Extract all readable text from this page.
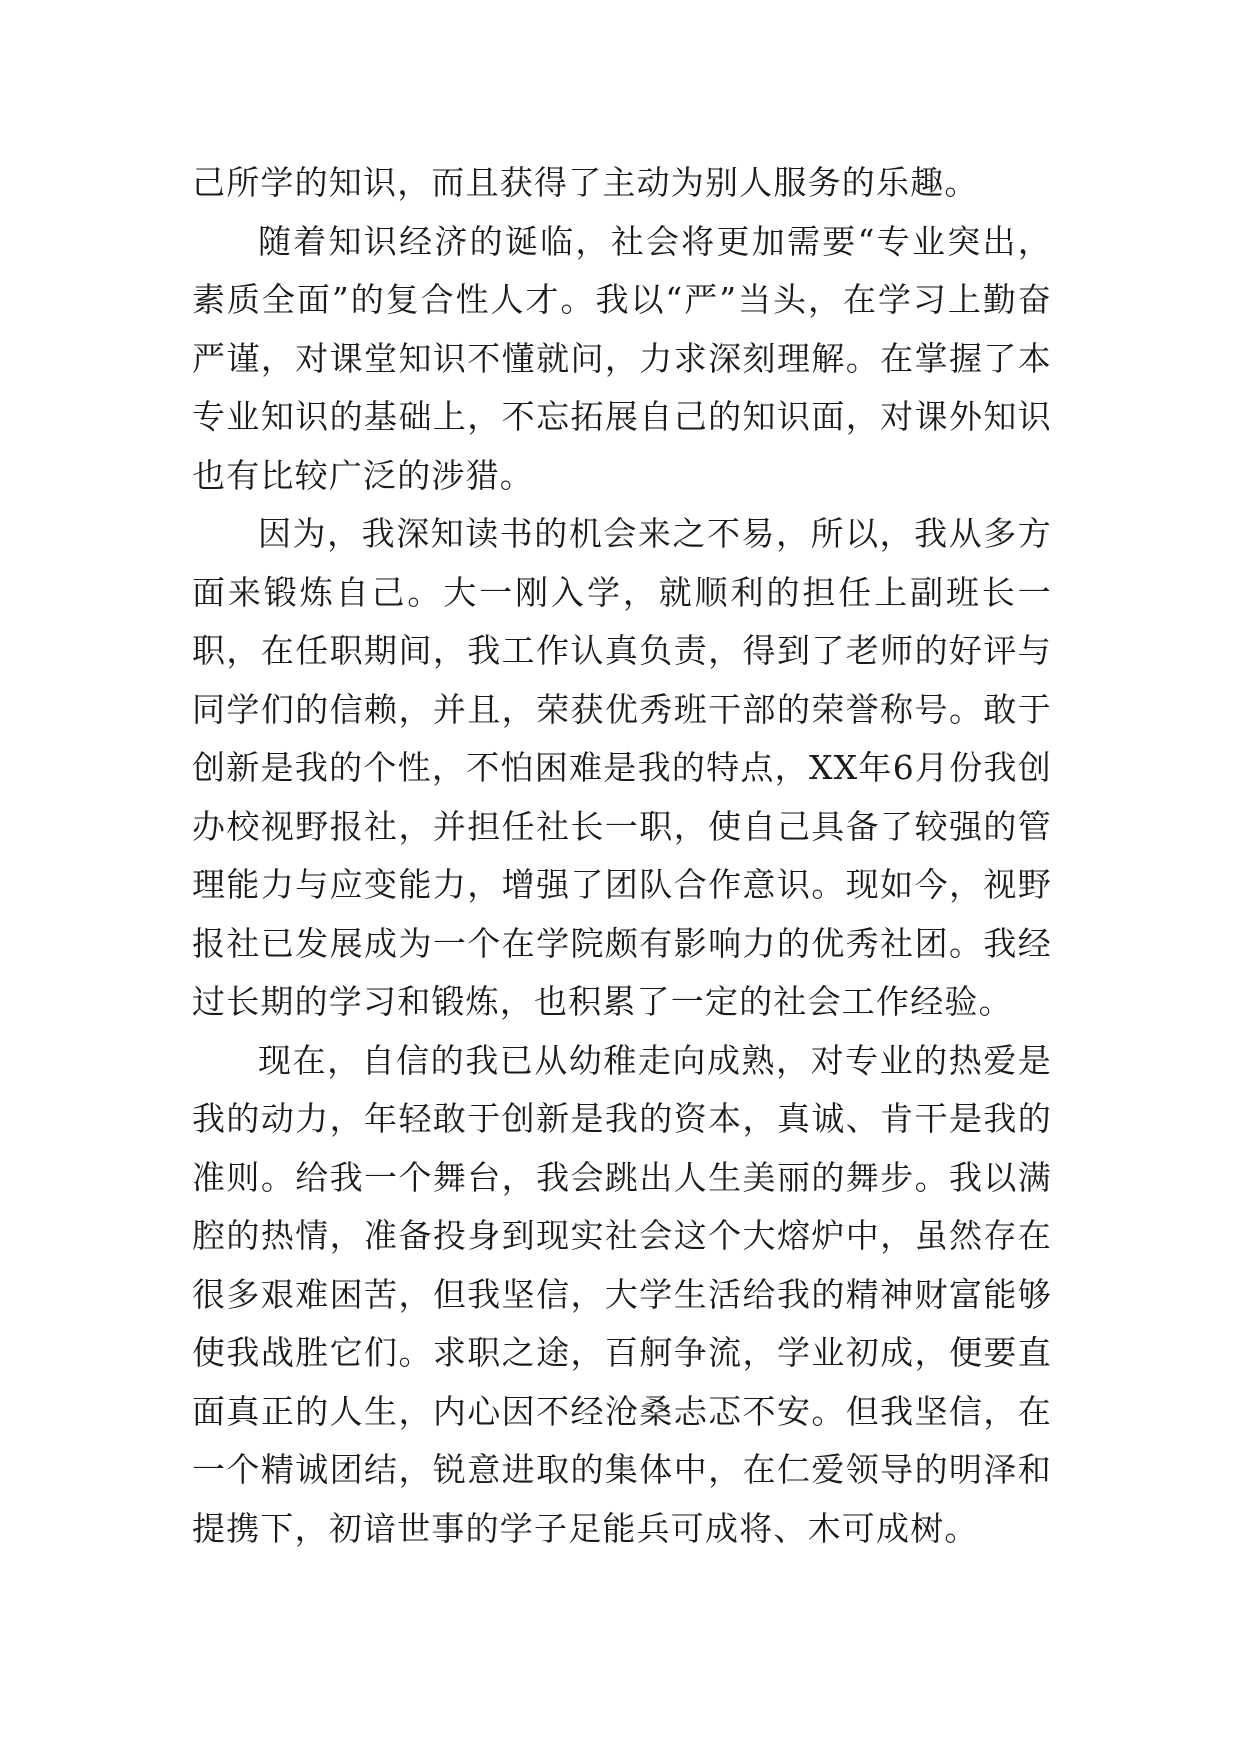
己所学的知识，而且获得了主动为别人服务的乐趣。

随着知识经济的诞临，社会将更加需要“专业突出，素质全面”的复合性人才。我以“严”当头，在学习上勤奋严谨，对课堂知识不懂就问，力求深刻理解。在掌握了本专业知识的基础上，不忘拓展自己的知识面，对课外知识也有比较广泛的涉猎。

因为，我深知读书的机会来之不易，所以，我从多方面来锻炼自己。大一刚入学，就顺利的担任上副班长一职，在任职期间，我工作认真负责，得到了老师的好评与同学们的信赖，并且，荣获优秀班干部的荣誉称号。敢于创新是我的个性，不怕困难是我的特点，XX年6月份我创办校视野报社，并担任社长一职，使自己具备了较强的管理能力与应变能力，增强了团队合作意识。现如今，视野报社已发展成为一个在学院颇有影响力的优秀社团。我经过长期的学习和锻炼，也积累了一定的社会工作经验。

现在，自信的我已从幼稚走向成熟，对专业的热爱是我的动力，年轻敢于创新是我的资本，真诚、肯干是我的准则。给我一个舞台，我会跳出人生美丽的舞步。我以满腔的热情，准备投身到现实社会这个大熔炉中，虽然存在很多艰难困苦，但我坚信，大学生活给我的精神财富能够使我战胜它们。求职之途，百舸争流，学业初成，便要直面真正的人生，内心因不经沧桑忐忑不安。但我坚信，在一个精诚团结，锐意进取的集体中，在仁爱领导的明泽和提携下，初谙世事的学子足能兵可成将、木可成树。
